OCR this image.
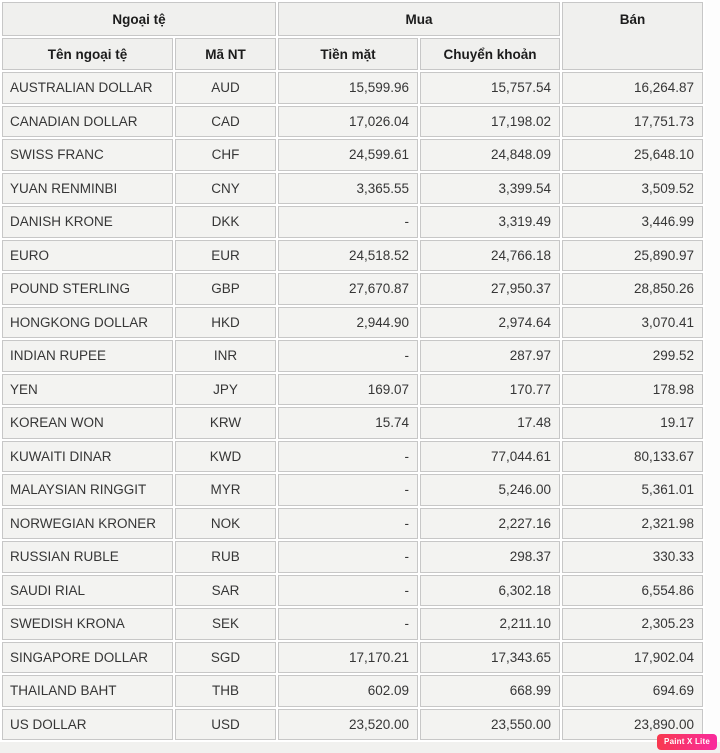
Ngoại tệ		Mua		Bán
Tên ngoại tệ	Mã NT	Tiền mặt	Chuyển khoản	
AUSTRALIAN DOLLAR	AUD	15,599.96	15,757.54	16,264.87
CANADIAN DOLLAR	CAD	17,026.04	17,198.02	17,751.73
SWISS FRANC	CHF	24,599.61	24,848.09	25,648.10
YUAN RENMINBI	CNY	3,365.55	3,399.54	3,509.52
DANISH KRONE	DKK	-	3,319.49	3,446.99
EURO	EUR	24,518.52	24,766.18	25,890.97
POUND STERLING	GBP	27,670.87	27,950.37	28,850.26
HONGKONG DOLLAR	HKD	2,944.90	2,974.64	3,070.41
INDIAN RUPEE	INR	-	287.97	299.52
YEN	JPY	169.07	170.77	178.98
KOREAN WON	KRW	15.74	17.48	19.17
KUWAITI DINAR	KWD	-	77,044.61	80,133.67
MALAYSIAN RINGGIT	MYR	-	5,246.00	5,361.01
NORWEGIAN KRONER	NOK	-	2,227.16	2,321.98
RUSSIAN RUBLE	RUB	-	298.37	330.33
SAUDI RIAL	SAR	-	6,302.18	6,554.86
SWEDISH KRONA	SEK	-	2,211.10	2,305.23
SINGAPORE DOLLAR	SGD	17,170.21	17,343.65	17,902.04
THAILAND BAHT	THB	602.09	668.99	694.69
US DOLLAR	USD	23,520.00	23,550.00	23,890.00
Paint X Lite
